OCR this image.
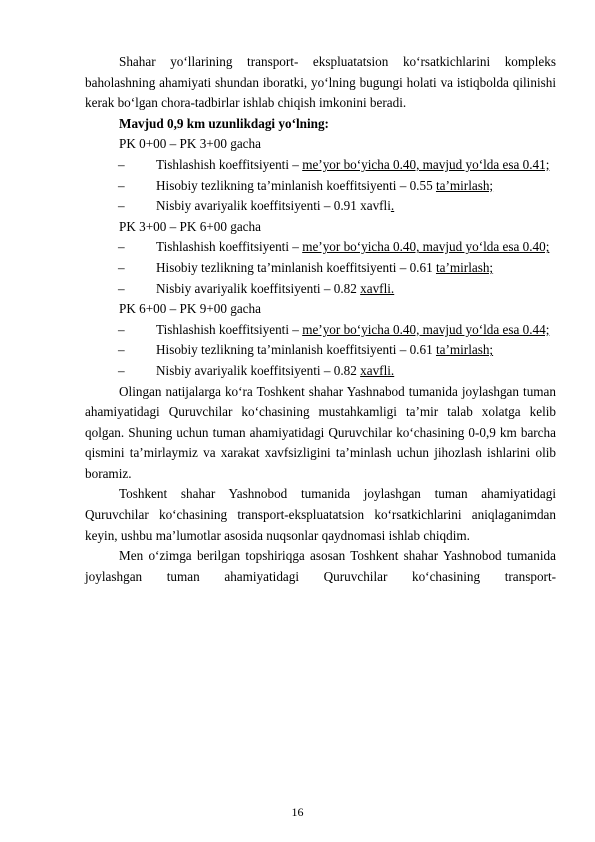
Shahar yo‘llarining transport- ekspluatatsion ko‘rsatkichlarini kompleks baholashning ahamiyati shundan iboratki, yo‘lning bugungi holati va istiqbolda qilinishi kerak bo‘lgan chora-tadbirlar ishlab chiqish imkonini beradi.

Mavjud 0,9 km uzunlikdagi yo‘lning:

PK 0+00 – PK 3+00 gacha

–	Tishlashish koeffitsiyenti – me’yor bo‘yicha 0.40, mavjud yo‘lda esa 0.41;
–	Hisobiy tezlikning ta’minlanish koeffitsiyenti – 0.55 ta’mirlash;
–	Nisbiy avariyalik koeffitsiyenti – 0.91 xavfli.

PK 3+00 – PK 6+00 gacha

–	Tishlashish koeffitsiyenti – me’yor bo‘yicha 0.40, mavjud yo‘lda esa 0.40;
–	Hisobiy tezlikning ta’minlanish koeffitsiyenti – 0.61 ta’mirlash;
–	Nisbiy avariyalik koeffitsiyenti – 0.82 xavfli.

PK 6+00 – PK 9+00 gacha

–	Tishlashish koeffitsiyenti – me’yor bo‘yicha 0.40, mavjud yo‘lda esa 0.44;
–	Hisobiy tezlikning ta’minlanish koeffitsiyenti – 0.61 ta’mirlash;
–	Nisbiy avariyalik koeffitsiyenti – 0.82 xavfli.

Olingan natijalarga ko‘ra Toshkent shahar Yashnabod tumanida joylashgan tuman ahamiyatidagi Quruvchilar ko‘chasining mustahkamligi ta’mir talab xolatga kelib qolgan. Shuning uchun tuman ahamiyatidagi Quruvchilar ko‘chasining 0-0,9 km barcha qismini ta’mirlaymiz va xarakat xavfsizligini ta’minlash uchun jihozlash ishlarini olib boramiz.

Toshkent shahar Yashnobod tumanida joylashgan tuman ahamiyatidagi Quruvchilar ko‘chasining transport-ekspluatatsion ko‘rsatkichlarini aniqlaganimdan keyin, ushbu ma’lumotlar asosida nuqsonlar qaydnomasi ishlab chiqdim.

Men o‘zimga berilgan topshiriqga asosan Toshkent shahar Yashnobod tumanida joylashgan tuman ahamiyatidagi Quruvchilar ko‘chasining transport-

16
